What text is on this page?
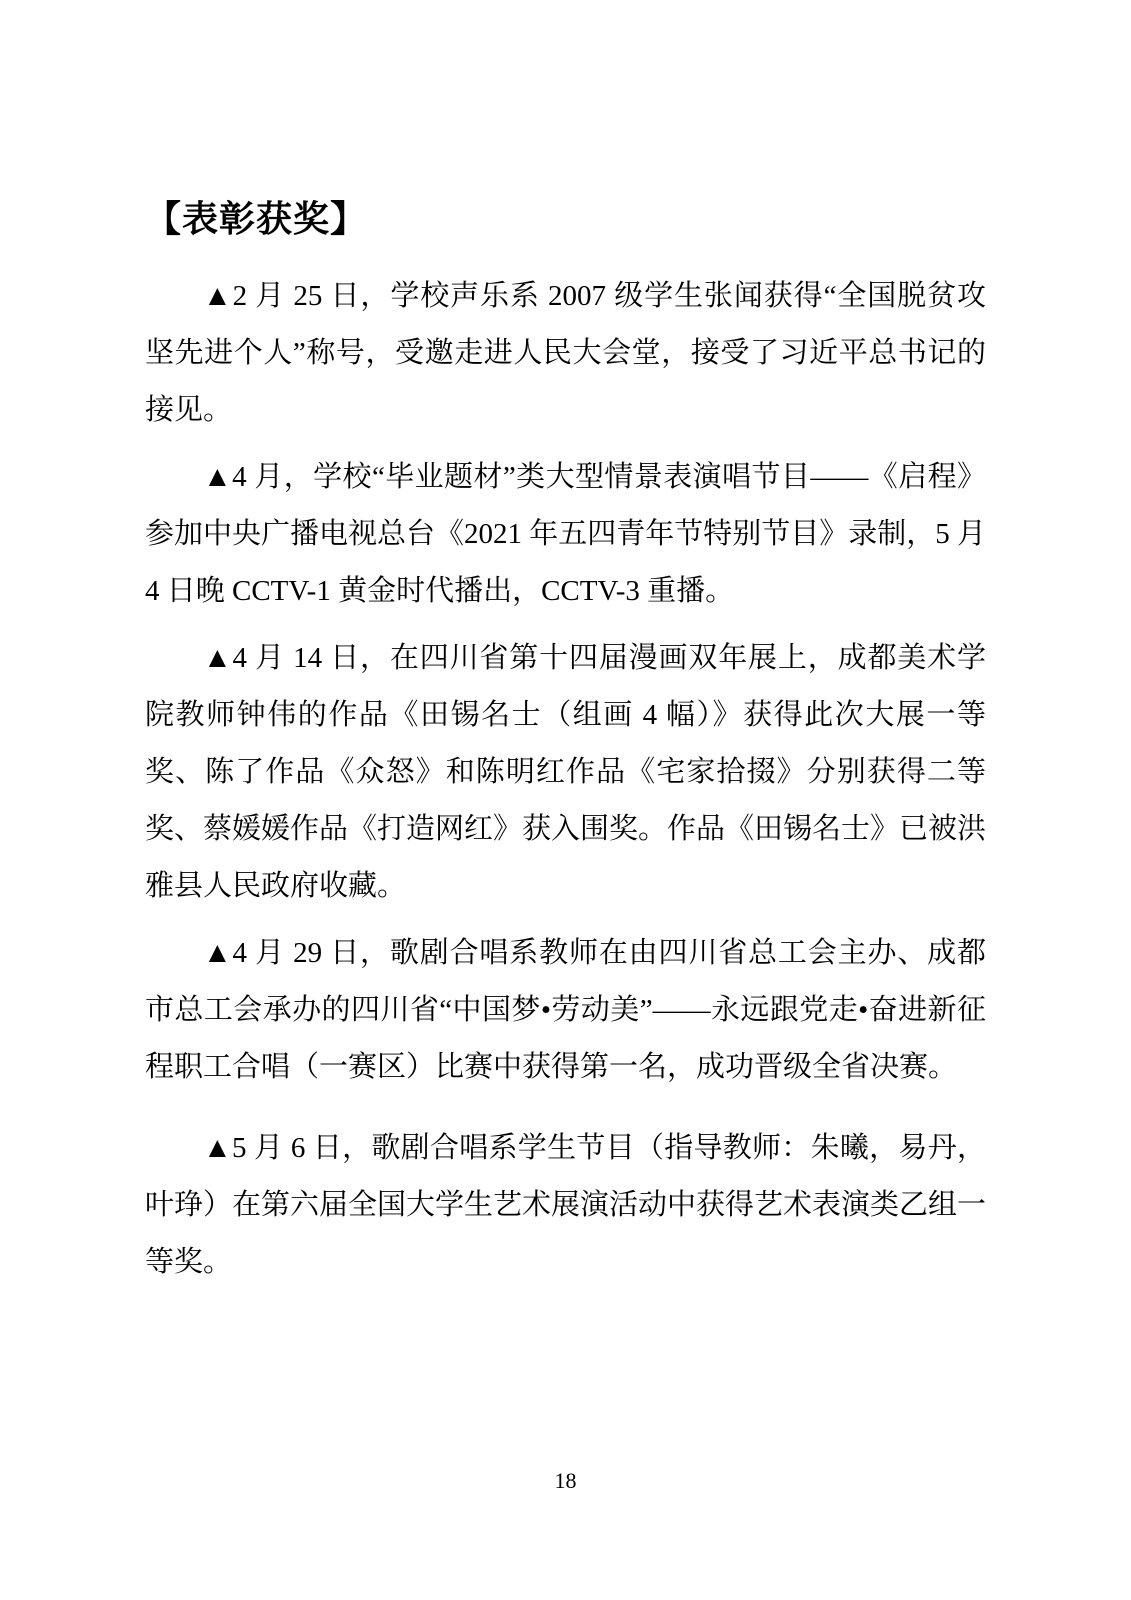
【表彰获奖】

▲2 月 25 日，学校声乐系 2007 级学生张闻获得“全国脱贫攻坚先进个人”称号，受邀走进人民大会堂，接受了习近平总书记的接见。

▲4 月，学校“毕业题材”类大型情景表演唱节目——《启程》参加中央广播电视总台《2021 年五四青年节特别节目》录制，5 月 4 日晚 CCTV-1 黄金时代播出，CCTV-3 重播。

▲4 月 14 日，在四川省第十四届漫画双年展上，成都美术学院教师钟伟的作品《田锡名士（组画 4 幅）》获得此次大展一等奖、陈了作品《众怒》和陈明红作品《宅家拾掇》分别获得二等奖、蔡媛媛作品《打造网红》获入围奖。作品《田锡名士》已被洪雅县人民政府收藏。

▲4 月 29 日，歌剧合唱系教师在由四川省总工会主办、成都市总工会承办的四川省“中国梦•劳动美”——永远跟党走•奋进新征程职工合唱（一赛区）比赛中获得第一名，成功晋级全省决赛。

▲5 月 6 日，歌剧合唱系学生节目（指导教师：朱曦，易丹，叶琤）在第六届全国大学生艺术展演活动中获得艺术表演类乙组一等奖。

18
